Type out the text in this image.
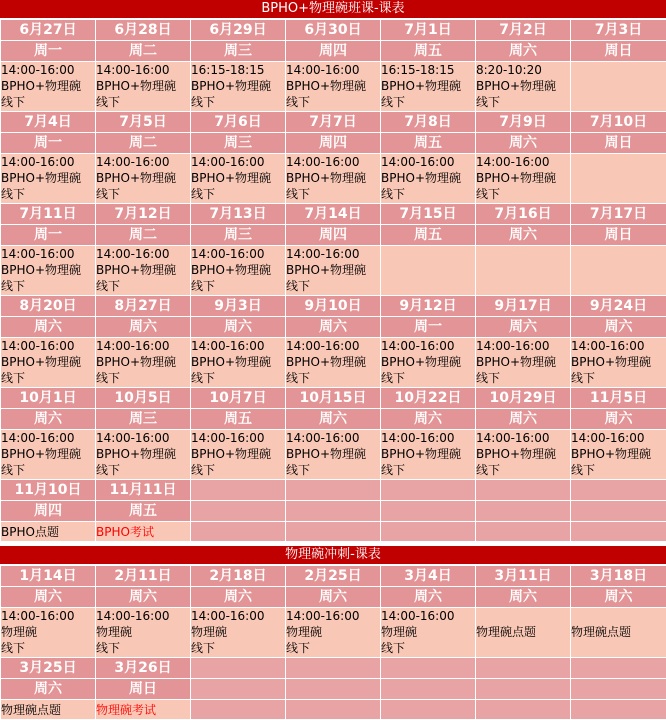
BPHO+物理碗班课-课表
6月27日	6月28日	6月29日	6月30日	7月1日	7月2日	7月3日
周一	周二	周三	周四	周五	周六	周日

14:00-16:00
BPHO+物理碗
线下	14:00-16:00
BPHO+物理碗
线下	16:15-18:15
BPHO+物理碗
线下	14:00-16:00
BPHO+物理碗
线下	16:15-18:15
BPHO+物理碗
线下	8:20-10:20
BPHO+物理碗
线下	

7月4日	7月5日	7月6日	7月7日	7月8日	7月9日	7月10日
周一	周二	周三	周四	周五	周六	周日

14:00-16:00
BPHO+物理碗
线下	14:00-16:00
BPHO+物理碗
线下	14:00-16:00
BPHO+物理碗
线下	14:00-16:00
BPHO+物理碗
线下	14:00-16:00
BPHO+物理碗
线下	14:00-16:00
BPHO+物理碗
线下	

7月11日	7月12日	7月13日	7月14日	7月15日	7月16日	7月17日
周一	周二	周三	周四	周五	周六	周日

14:00-16:00
BPHO+物理碗
线下	14:00-16:00
BPHO+物理碗
线下	14:00-16:00
BPHO+物理碗
线下	14:00-16:00
BPHO+物理碗
线下			

8月20日	8月27日	9月3日	9月10日	9月12日	9月17日	9月24日
周六	周六	周六	周六	周一	周六	周六

14:00-16:00
BPHO+物理碗
线下	14:00-16:00
BPHO+物理碗
线下	14:00-16:00
BPHO+物理碗
线下	14:00-16:00
BPHO+物理碗
线下	14:00-16:00
BPHO+物理碗
线下	14:00-16:00
BPHO+物理碗
线下	14:00-16:00
BPHO+物理碗
线下

10月1日	10月5日	10月7日	10月15日	10月22日	10月29日	11月5日
周六	周三	周五	周六	周六	周六	周六

14:00-16:00
BPHO+物理碗
线下	14:00-16:00
BPHO+物理碗
线下	14:00-16:00
BPHO+物理碗
线下	14:00-16:00
BPHO+物理碗
线下	14:00-16:00
BPHO+物理碗
线下	14:00-16:00
BPHO+物理碗
线下	14:00-16:00
BPHO+物理碗
线下

11月10日	11月11日					
周四	周五					

BPHO点题	BPHO考试					

物理碗冲刺-课表
1月14日	2月11日	2月18日	2月25日	3月4日	3月11日	3月18日
周六	周六	周六	周六	周六	周六	周六

14:00-16:00
物理碗
线下	14:00-16:00
物理碗
线下	14:00-16:00
物理碗
线下	14:00-16:00
物理碗
线下	14:00-16:00
物理碗
线下	物理碗点题	物理碗点题

3月25日	3月26日					
周六	周日					

物理碗点题	物理碗考试					
